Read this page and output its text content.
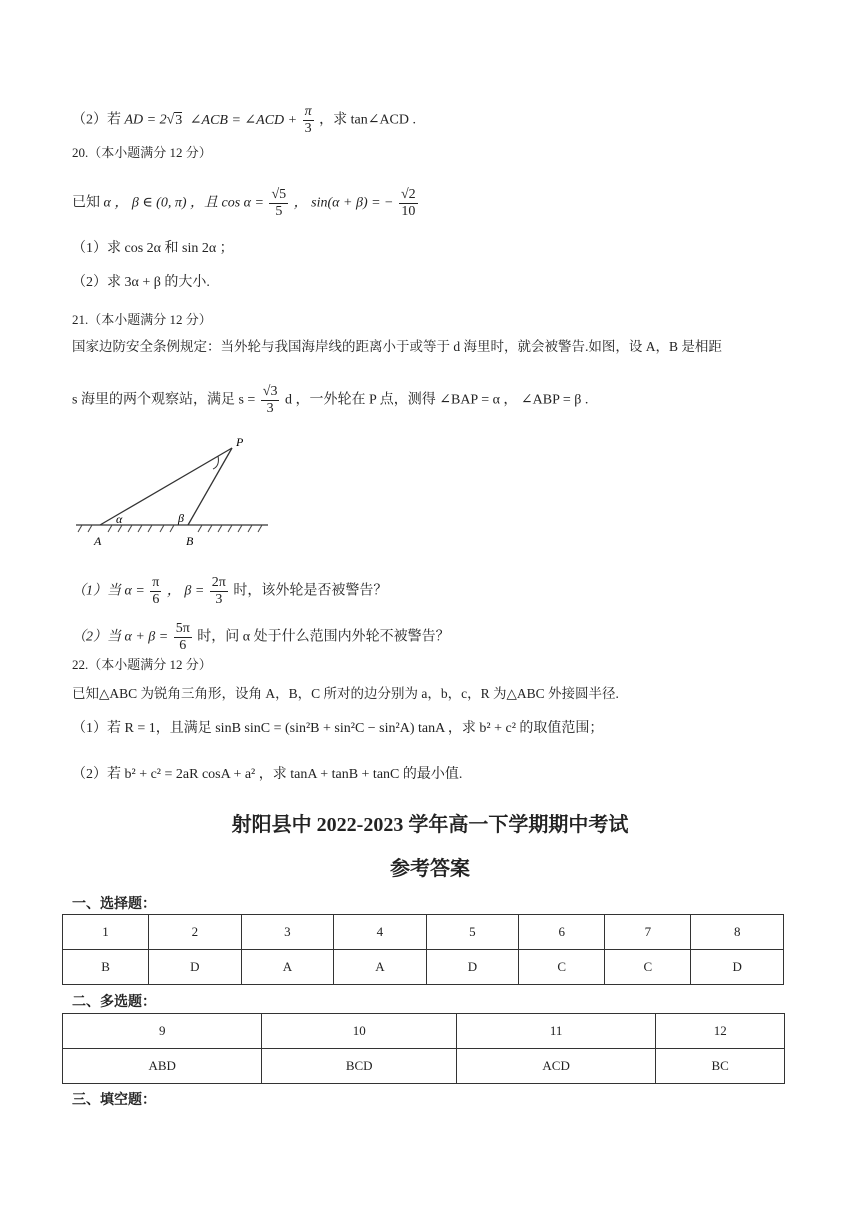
（2）若 AD = 2√3 ∠ACB = ∠ACD + $\frac{\pi}{3}$ ，求 tan∠ACD .
20.（本小题满分 12 分）
已知 α ， β ∈ (0, π) ，且 $\cos \alpha = \frac{√5}{5}$ ， sin(α + β) = − $\frac{√2}{10}$
（1）求 cos 2α 和 sin 2α ；
（2）求 3α + β 的大小.
21.（本小题满分 12 分）
国家边防安全条例规定：当外轮与我国海岸线的距离小于或等于 d 海里时，就会被警告.如图，设 A，B 是相距
s 海里的两个观察站，满足 $s = \frac{√3}{3}$ d ，一外轮在 P 点，测得 ∠BAP = α ， ∠ABP = β .
P
A	B
α	β
（1）当 $\alpha = \frac{\pi}{6}$ ， $\beta = \frac{2\pi}{3}$ 时，该外轮是否被警告？
（2）当 $\alpha + \beta = \frac{5\pi}{6}$ 时，问 α 处于什么范围内外轮不被警告？
22.（本小题满分 12 分）
已知△ABC 为锐角三角形，设角 A，B，C 所对的边分别为 a，b，c，R 为△ABC 外接圆半径.
（1）若 R = 1，且满足 sinB sinC = (sin²B + sin²C − sin²A) tanA ，求 b² + c² 的取值范围；
（2）若 b² + c² = 2aR cosA + a² ，求 tanA + tanB + tanC 的最小值.
射阳县中 2022-2023 学年高一下学期期中考试
参考答案
一、选择题：
1	2	3	4	5	6	7	8
B	D	A	A	D	C	C	D
二、多选题：
9	10	11	12
ABD	BCD	ACD	BC
三、填空题：
